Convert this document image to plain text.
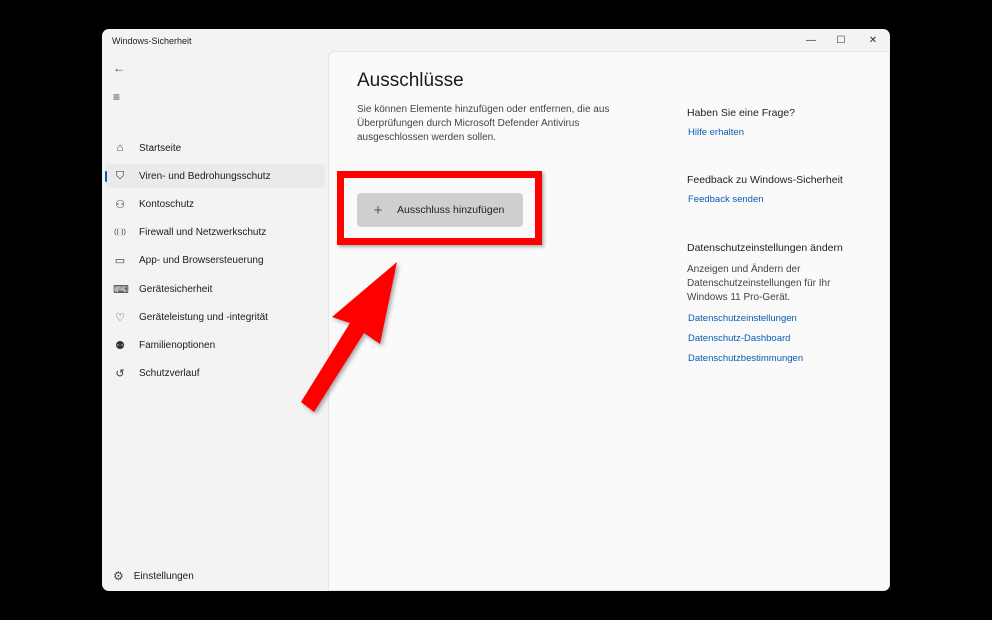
Windows-Sicherheit	—	☐	✕
←
≡
⌂	Startseite
⛉ Viren- und Bedrohungsschutz
⚇ Kontoschutz
((·)) Firewall und Netzwerkschutz
▭ App- und Browsersteuerung
⌨ Gerätesicherheit
♡ Geräteleistung und -integrität
⚉ Familienoptionen
↺ Schutzverlauf
⚙ Einstellungen
Ausschlüsse
Sie können Elemente hinzufügen oder entfernen, die aus Überprüfungen durch Microsoft Defender Antivirus ausgeschlossen werden sollen.
+ Ausschluss hinzufügen
Haben Sie eine Frage?
Hilfe erhalten
Feedback zu Windows-Sicherheit
Feedback senden
Datenschutzeinstellungen ändern
Anzeigen und Ändern der Datenschutzeinstellungen für Ihr Windows 11 Pro-Gerät.
Datenschutzeinstellungen
Datenschutz-Dashboard
Datenschutzbestimmungen
